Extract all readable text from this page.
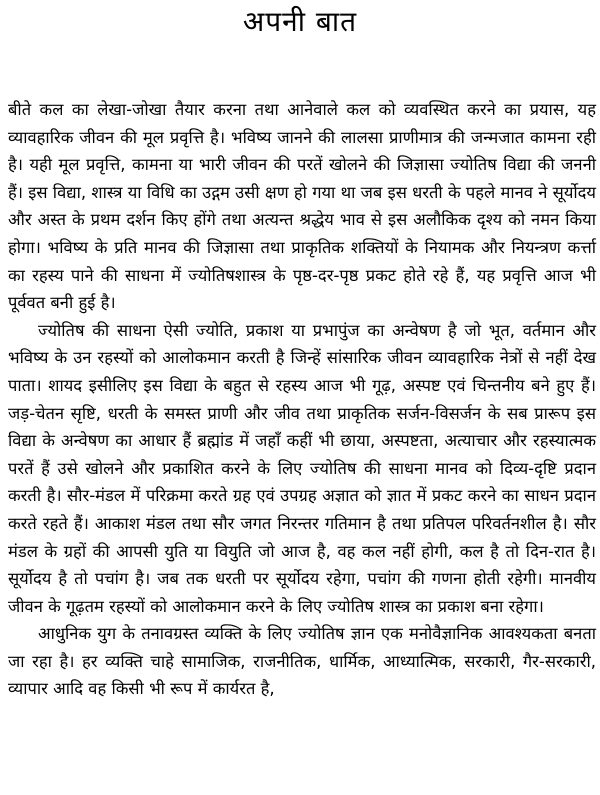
अपनी बात

बीते कल का लेखा-जोखा तैयार करना तथा आनेवाले कल को व्यवस्थित करने का प्रयास, यह व्यावहारिक जीवन की मूल प्रवृत्ति है। भविष्य जानने की लालसा प्राणीमात्र की जन्मजात कामना रही है। यही मूल प्रवृत्ति, कामना या भारी जीवन की परतें खोलने की जिज्ञासा ज्योतिष विद्या की जननी हैं। इस विद्या, शास्त्र या विधि का उद्गम उसी क्षण हो गया था जब इस धरती के पहले मानव ने सूर्योदय और अस्त के प्रथम दर्शन किए होंगे तथा अत्यन्त श्रद्धेय भाव से इस अलौकिक दृश्य को नमन किया होगा। भविष्य के प्रति मानव की जिज्ञासा तथा प्राकृतिक शक्तियों के नियामक और नियन्त्रण कर्त्ता का रहस्य पाने की साधना में ज्योतिषशास्त्र के पृष्ठ-दर-पृष्ठ प्रकट होते रहे हैं, यह प्रवृत्ति आज भी पूर्ववत बनी हुई है।

ज्योतिष की साधना ऐसी ज्योति, प्रकाश या प्रभापुंज का अन्वेषण है जो भूत, वर्तमान और भविष्य के उन रहस्यों को आलोकमान करती है जिन्हें सांसारिक जीवन व्यावहारिक नेत्रों से नहीं देख पाता। शायद इसीलिए इस विद्या के बहुत से रहस्य आज भी गूढ़, अस्पष्ट एवं चिन्तनीय बने हुए हैं। जड़-चेतन सृष्टि, धरती के समस्त प्राणी और जीव तथा प्राकृतिक सर्जन-विसर्जन के सब प्रारूप इस विद्या के अन्वेषण का आधार हैं ब्रह्मांड में जहाँ कहीं भी छाया, अस्पष्टता, अत्याचार और रहस्यात्मक परतें हैं उसे खोलने और प्रकाशित करने के लिए ज्योतिष की साधना मानव को दिव्य-दृष्टि प्रदान करती है। सौर-मंडल में परिक्रमा करते ग्रह एवं उपग्रह अज्ञात को ज्ञात में प्रकट करने का साधन प्रदान करते रहते हैं। आकाश मंडल तथा सौर जगत निरन्तर गतिमान है तथा प्रतिपल परिवर्तनशील है। सौर मंडल के ग्रहों की आपसी युति या वियुति जो आज है, वह कल नहीं होगी, कल है तो दिन-रात है। सूर्योदय है तो पचांग है। जब तक धरती पर सूर्योदय रहेगा, पचांग की गणना होती रहेगी। मानवीय जीवन के गूढ़तम रहस्यों को आलोकमान करने के लिए ज्योतिष शास्त्र का प्रकाश बना रहेगा।

आधुनिक युग के तनावग्रस्त व्यक्ति के लिए ज्योतिष ज्ञान एक मनोवैज्ञानिक आवश्यकता बनता जा रहा है। हर व्यक्ति चाहे सामाजिक, राजनीतिक, धार्मिक, आध्यात्मिक, सरकारी, गैर-सरकारी, व्यापार आदि वह किसी भी रूप में कार्यरत है,
